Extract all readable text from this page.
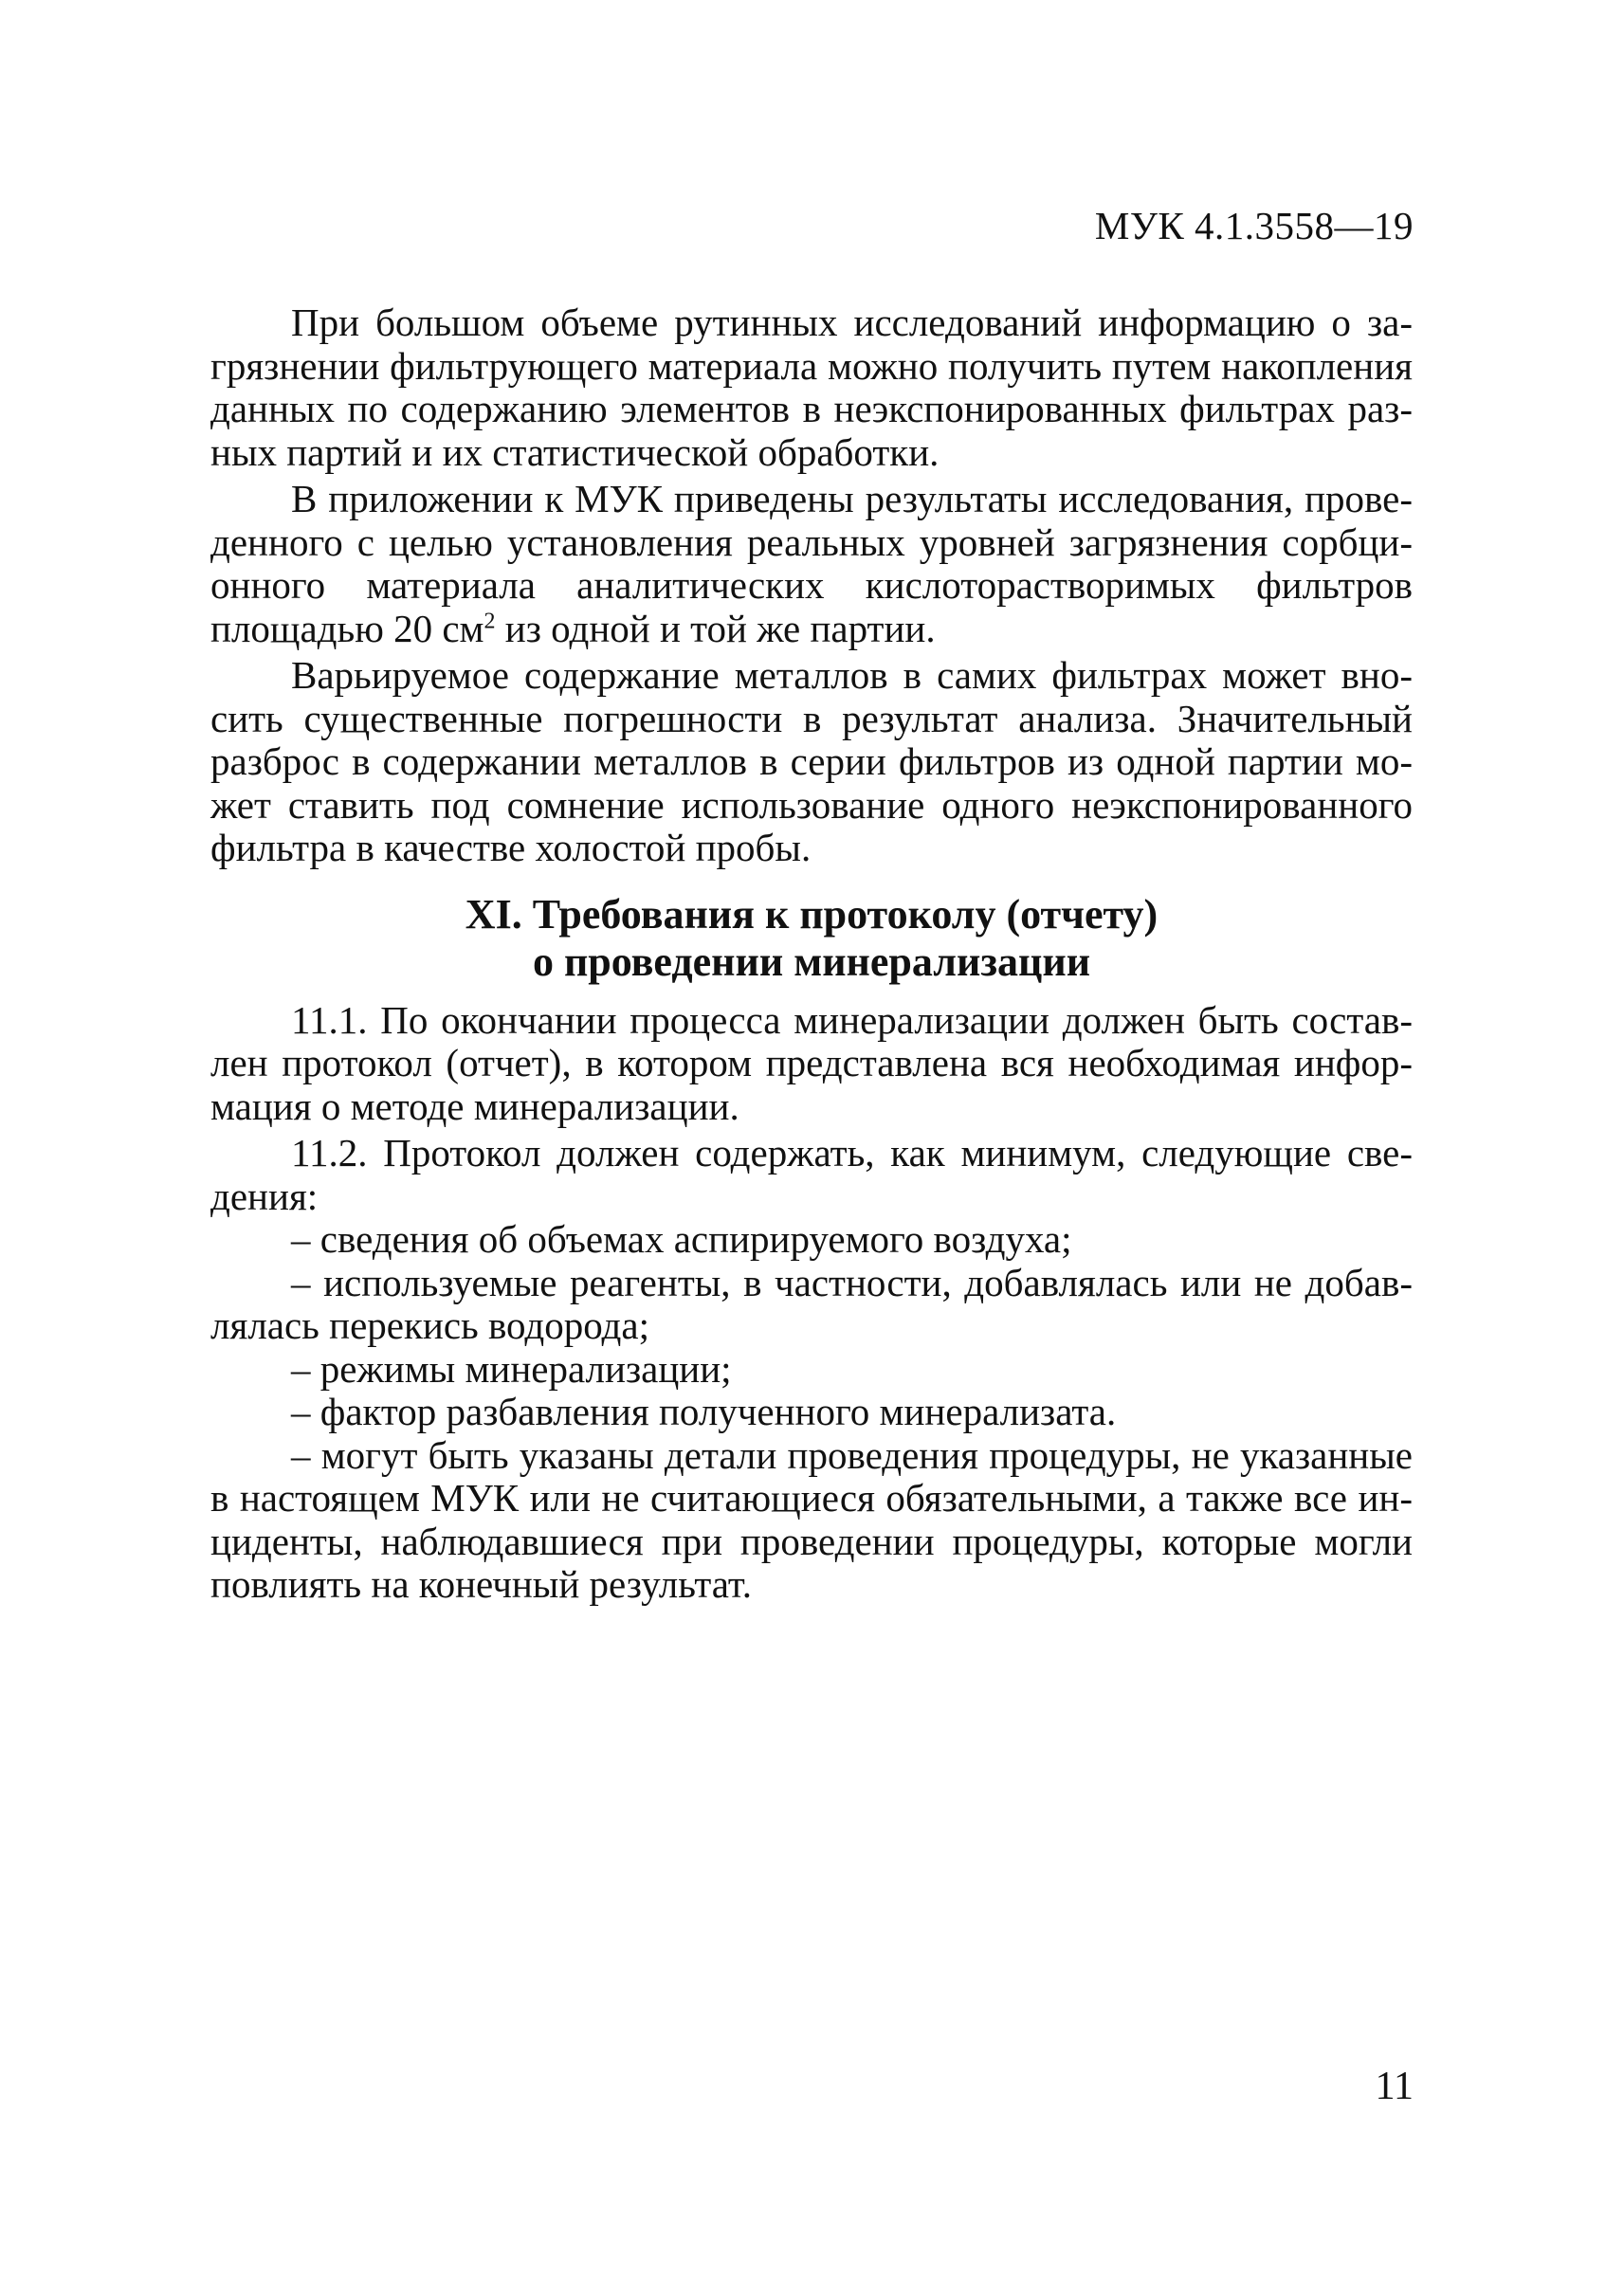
МУК 4.1.3558—19

При большом объеме рутинных исследований информацию о загрязнении фильтрующего материала можно получить путем накопления данных по содержанию элементов в неэкспонированных фильтрах разных партий и их статистической обработки.

В приложении к МУК приведены результаты исследования, проведенного с целью установления реальных уровней загрязнения сорбционного материала аналитических кислоторастворимых фильтров площадью 20 $см^2$ из одной и той же партии.

Варьируемое содержание металлов в самих фильтрах может вносить существенные погрешности в результат анализа. Значительный разброс в содержании металлов в серии фильтров из одной партии может ставить под сомнение использование одного неэкспонированного фильтра в качестве холостой пробы.

XI. Требования к протоколу (отчету)
о проведении минерализации

11.1. По окончании процесса минерализации должен быть составлен протокол (отчет), в котором представлена вся необходимая информация о методе минерализации.

11.2. Протокол должен содержать, как минимум, следующие сведения:

– сведения об объемах аспирируемого воздуха;

– используемые реагенты, в частности, добавлялась или не добавлялась перекись водорода;

– режимы минерализации;

– фактор разбавления полученного минерализата.

– могут быть указаны детали проведения процедуры, не указанные в настоящем МУК или не считающиеся обязательными, а также все инциденты, наблюдавшиеся при проведении процедуры, которые могли повлиять на конечный результат.

11
